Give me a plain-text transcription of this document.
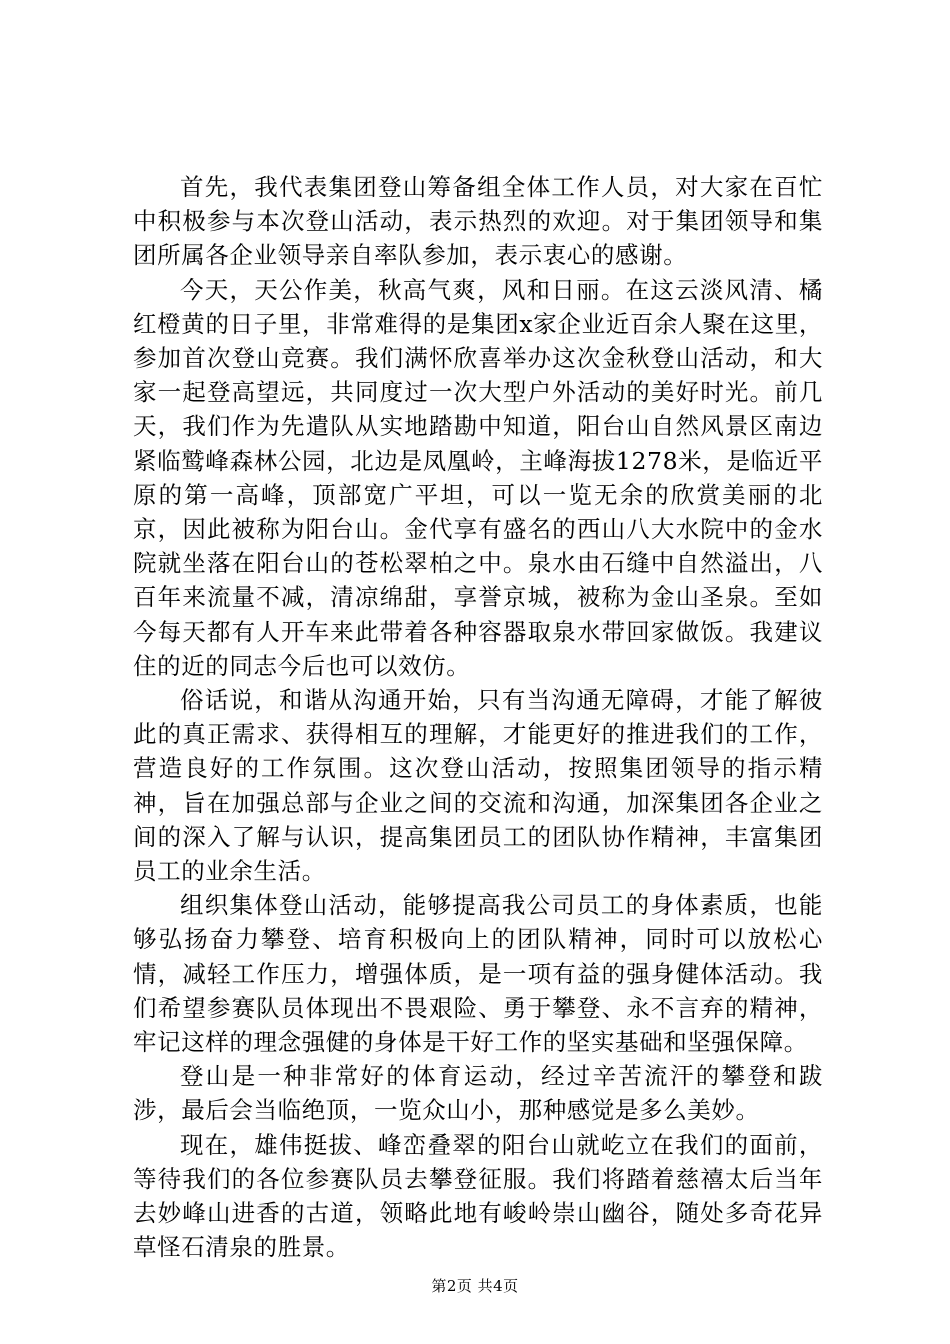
首先，我代表集团登山筹备组全体工作人员，对大家在百忙中积极参与本次登山活动，表示热烈的欢迎。对于集团领导和集团所属各企业领导亲自率队参加，表示衷心的感谢。

今天，天公作美，秋高气爽，风和日丽。在这云淡风清、橘红橙黄的日子里，非常难得的是集团x家企业近百余人聚在这里，参加首次登山竞赛。我们满怀欣喜举办这次金秋登山活动，和大家一起登高望远，共同度过一次大型户外活动的美好时光。前几天，我们作为先遣队从实地踏勘中知道，阳台山自然风景区南边紧临鹫峰森林公园，北边是凤凰岭，主峰海拔1278米，是临近平原的第一高峰，顶部宽广平坦，可以一览无余的欣赏美丽的北京，因此被称为阳台山。金代享有盛名的西山八大水院中的金水院就坐落在阳台山的苍松翠柏之中。泉水由石缝中自然溢出，八百年来流量不减，清凉绵甜，享誉京城，被称为金山圣泉。至如今每天都有人开车来此带着各种容器取泉水带回家做饭。我建议住的近的同志今后也可以效仿。

俗话说，和谐从沟通开始，只有当沟通无障碍，才能了解彼此的真正需求、获得相互的理解，才能更好的推进我们的工作，营造良好的工作氛围。这次登山活动，按照集团领导的指示精神，旨在加强总部与企业之间的交流和沟通，加深集团各企业之间的深入了解与认识，提高集团员工的团队协作精神，丰富集团员工的业余生活。

组织集体登山活动，能够提高我公司员工的身体素质，也能够弘扬奋力攀登、培育积极向上的团队精神，同时可以放松心情，减轻工作压力，增强体质，是一项有益的强身健体活动。我们希望参赛队员体现出不畏艰险、勇于攀登、永不言弃的精神，牢记这样的理念强健的身体是干好工作的坚实基础和坚强保障。

登山是一种非常好的体育运动，经过辛苦流汗的攀登和跋涉，最后会当临绝顶，一览众山小，那种感觉是多么美妙。

现在，雄伟挺拔、峰峦叠翠的阳台山就屹立在我们的面前，等待我们的各位参赛队员去攀登征服。我们将踏着慈禧太后当年去妙峰山进香的古道，领略此地有峻岭崇山幽谷，随处多奇花异草怪石清泉的胜景。

第2页 共4页
